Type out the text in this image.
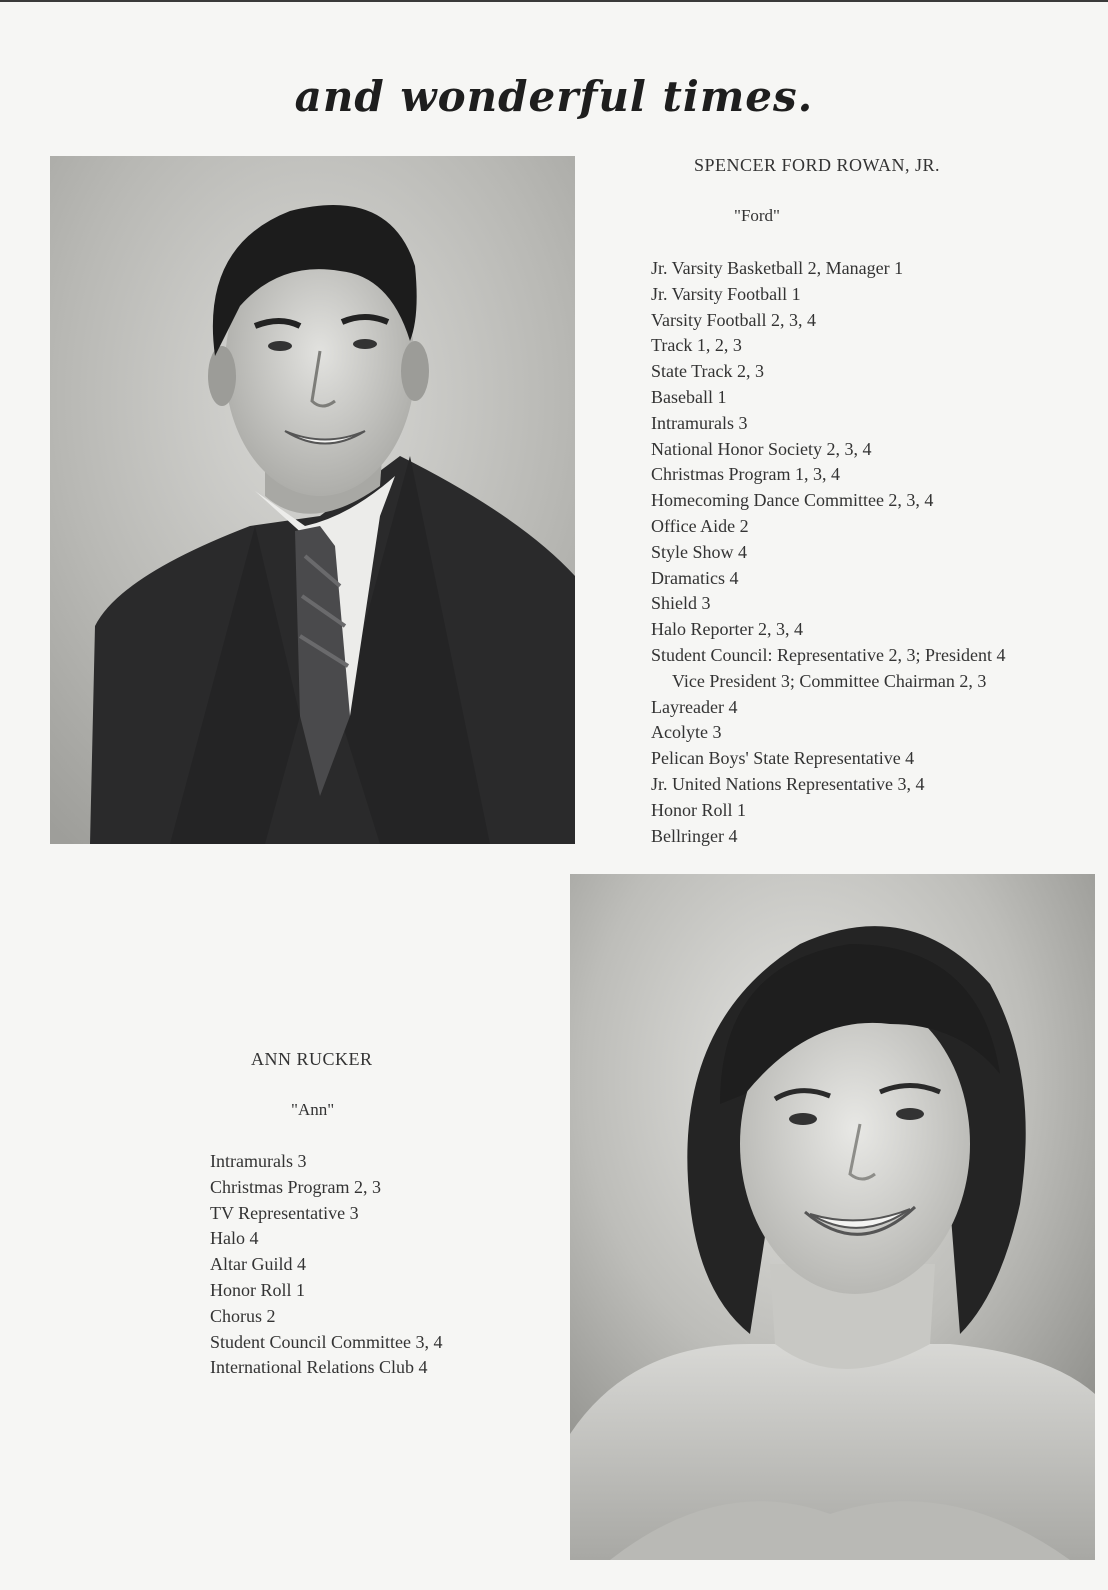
and wonderful times.
SPENCER FORD ROWAN, JR.
"Ford"
Jr. Varsity Basketball 2, Manager 1
Jr. Varsity Football 1
Varsity Football 2, 3, 4
Track 1, 2, 3
State Track 2, 3
Baseball 1
Intramurals 3
National Honor Society 2, 3, 4
Christmas Program 1, 3, 4
Homecoming Dance Committee 2, 3, 4
Office Aide 2
Style Show 4
Dramatics 4
Shield 3
Halo Reporter 2, 3, 4
Student Council: Representative 2, 3; President 4
Vice President 3; Committee Chairman 2, 3
Layreader 4
Acolyte 3
Pelican Boys' State Representative 4
Jr. United Nations Representative 3, 4
Honor Roll 1
Bellringer 4
ANN RUCKER
"Ann"
Intramurals 3
Christmas Program 2, 3
TV Representative 3
Halo 4
Altar Guild 4
Honor Roll 1
Chorus 2
Student Council Committee 3, 4
International Relations Club 4
